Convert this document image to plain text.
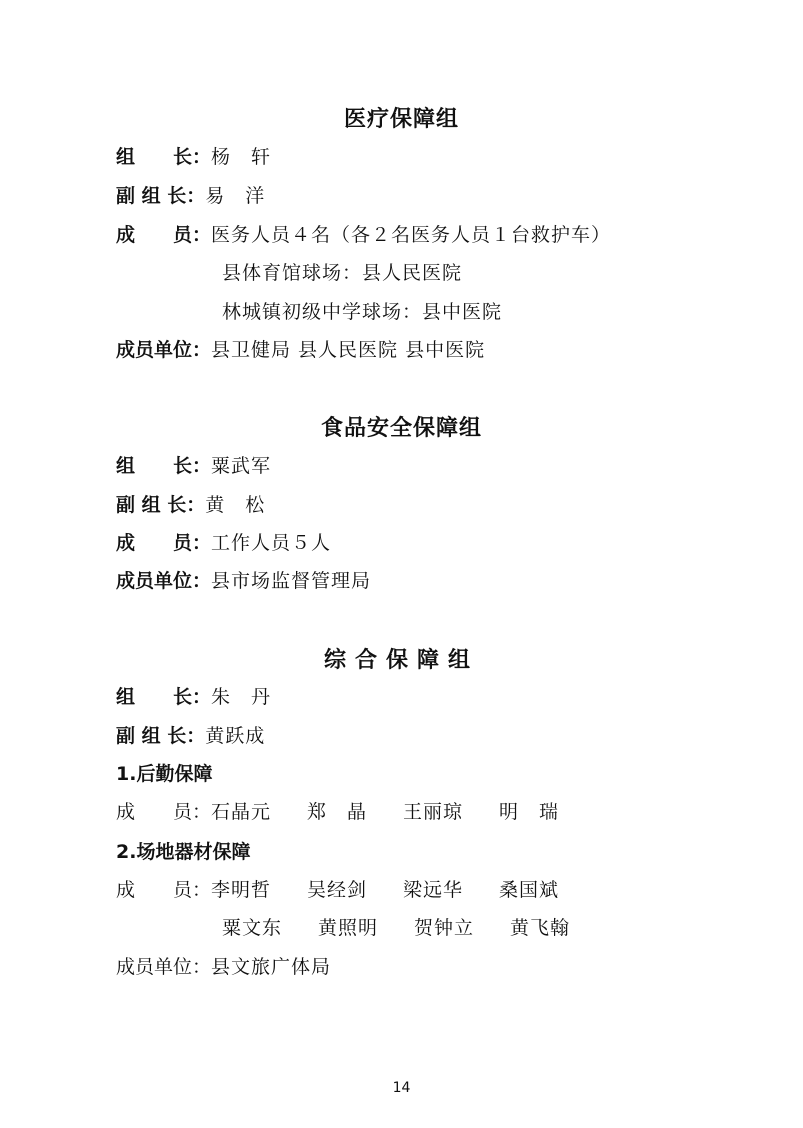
医疗保障组
组　　长：杨　轩
副 组 长：易　洋
成　　员：医务人员４名（各２名医务人员１台救护车）
县体育馆球场：县人民医院
林城镇初级中学球场：县中医院
成员单位：县卫健局 县人民医院 县中医院
食品安全保障组
组　　长：粟武军
副 组 长：黄　松
成　　员：工作人员５人
成员单位：县市场监督管理局
综合保障组
组　　长：朱　丹
副 组 长：黄跃成
1.后勤保障
成　　员：石晶元 郑　晶 王丽琼 明　瑞
2.场地器材保障
成　　员：李明哲 吴经剑 梁远华 桑国斌
粟文东 黄照明 贺钟立 黄飞翰
成员单位：县文旅广体局
14
